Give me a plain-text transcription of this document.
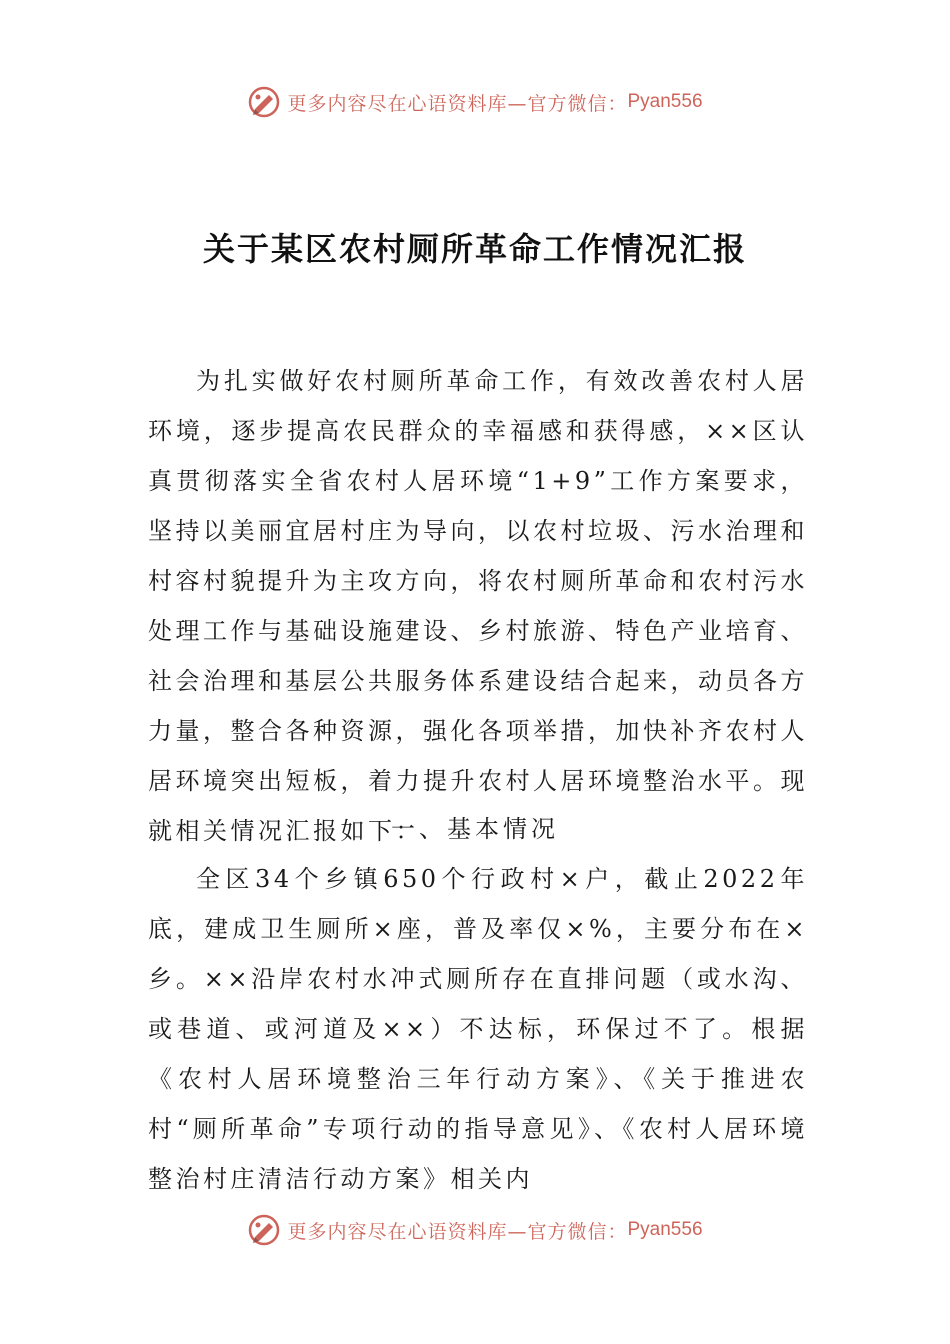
更多内容尽在心语资料库—官方微信： Pyan556
关于某区农村厕所革命工作情况汇报
为扎实做好农村厕所革命工作，有效改善农村人居环境，逐步提高农民群众的幸福感和获得感，××区认真贯彻落实全省农村人居环境“1+9”工作方案要求，坚持以美丽宜居村庄为导向，以农村垃圾、污水治理和村容村貌提升为主攻方向，将农村厕所革命和农村污水处理工作与基础设施建设、乡村旅游、特色产业培育、社会治理和基层公共服务体系建设结合起来，动员各方力量，整合各种资源，强化各项举措，加快补齐农村人居环境突出短板，着力提升农村人居环境整治水平。现就相关情况汇报如下：
一、基本情况
全区34个乡镇650个行政村×户，截止2022年底，建成卫生厕所×座，普及率仅×%，主要分布在×乡。××沿岸农村水冲式厕所存在直排问题（或水沟、或巷道、或河道及××）不达标，环保过不了。根据《农村人居环境整治三年行动方案》、《关于推进农村“厕所革命”专项行动的指导意见》、《农村人居环境整治村庄清洁行动方案》相关内
更多内容尽在心语资料库—官方微信： Pyan556
